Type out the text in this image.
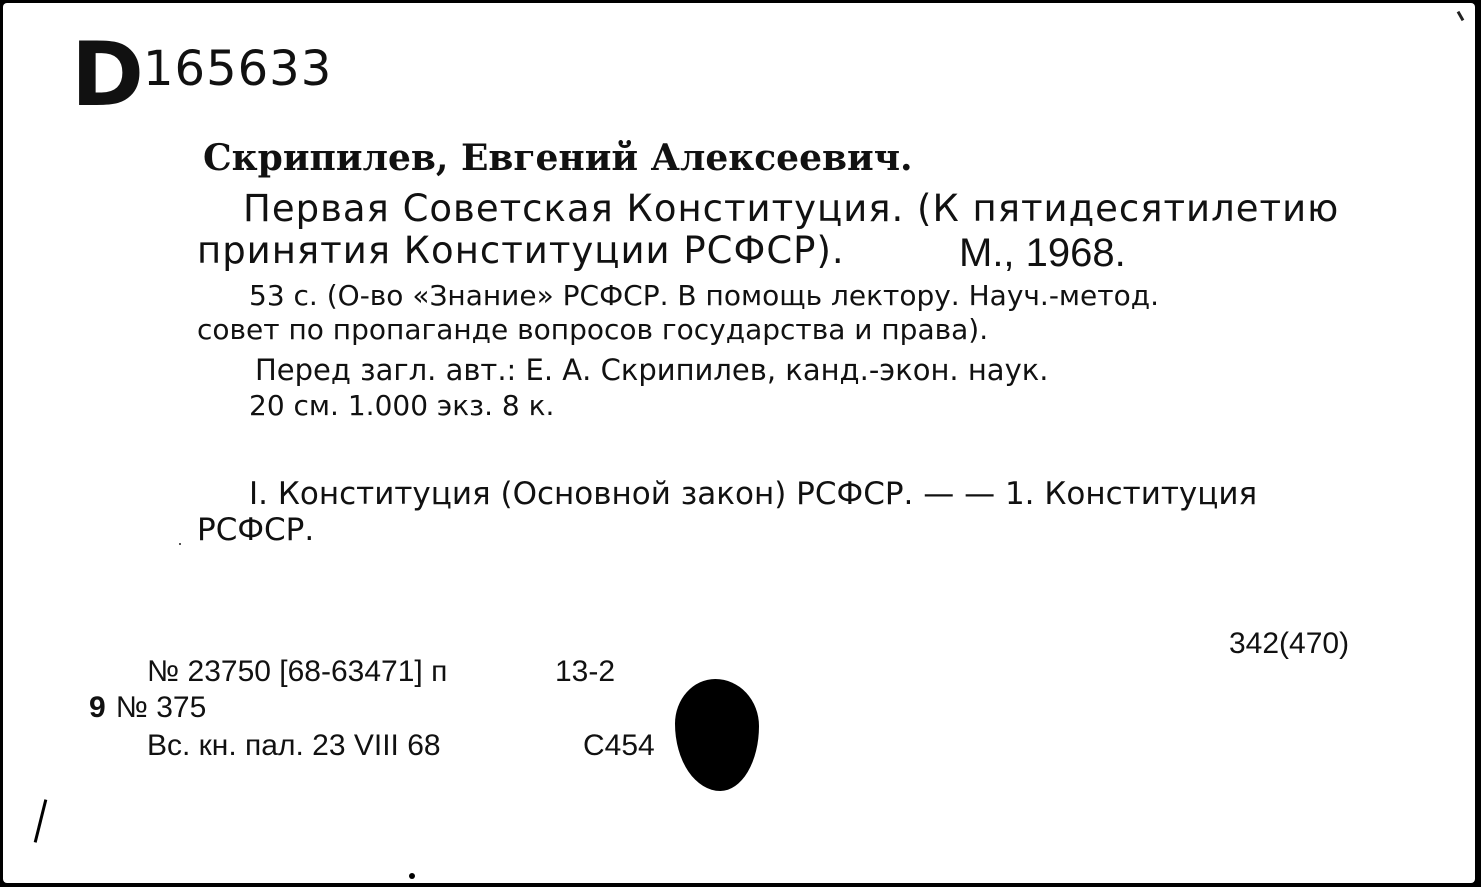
D 165633
Скрипилев, Евгений Алексеевич.
Первая Советская Конституция. (К пятидесятилетию
принятия Конституции РСФСР).	М., 1968.
53 с. (О-во «Знание» РСФСР. В помощь лектору. Науч.-метод.
совет по пропаганде вопросов государства и права).
Перед загл. авт.: Е. А. Скрипилев, канд.-экон. наук.
20 см. 1.000 экз. 8 к.
I. Конституция (Основной закон) РСФСР. — — 1. Конституция
РСФСР.
342(470)
№ 23750 [68-63471] п	13-2
9 № 375
Вс. кн. пал. 23 VIII 68	С454
